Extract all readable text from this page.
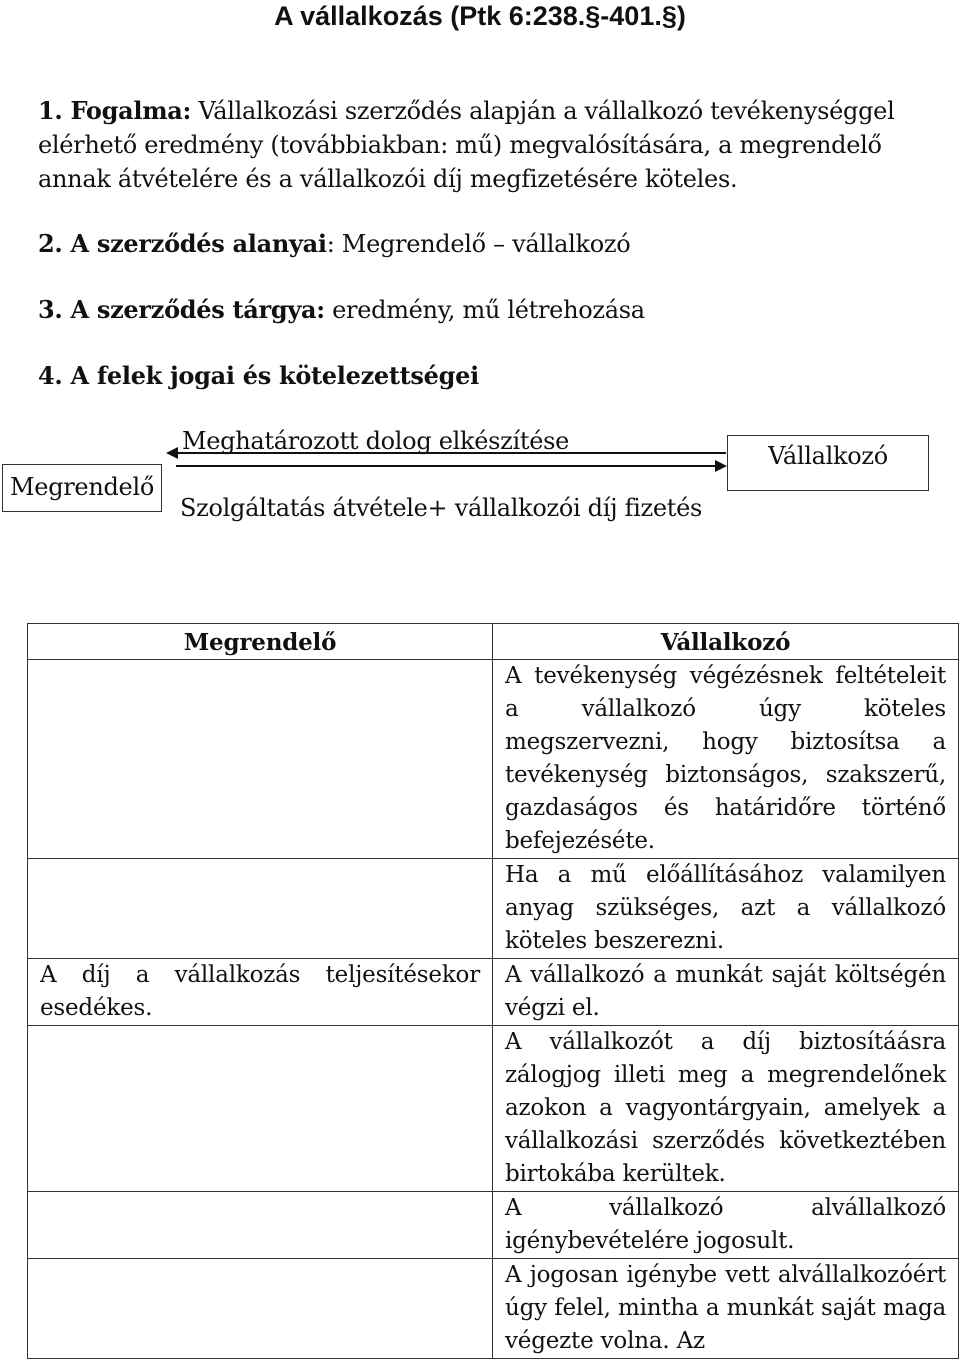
A vállalkozás (Ptk 6:238.§-401.§)
1. Fogalma: Vállalkozási szerződés alapján a vállalkozó tevékenységgel elérhető eredmény (továbbiakban: mű) megvalósítására, a megrendelő annak átvételére és a vállalkozói díj megfizetésére köteles.
2. A szerződés alanyai: Megrendelő – vállalkozó
3. A szerződés tárgya: eredmény, mű létrehozása
4. A felek jogai és kötelezettségei
Megrendelő
Vállalkozó
Meghatározott dolog elkészítése
Szolgáltatás átvétele+ vállalkozói díj fizetés
Megrendelő	Vállalkozó
	A tevékenység végézésnek feltételeit a vállalkozó úgy köteles megszervezni, hogy biztosítsa a tevékenység biztonságos, szakszerű, gazdaságos és határidőre történő befejezéséte.
	Ha a mű előállításához valamilyen anyag szükséges, azt a vállalkozó köteles beszerezni.
A díj a vállalkozás teljesítésekor esedékes.	A vállalkozó a munkát saját költségén végzi el.
	A vállalkozót a díj biztosítáásra zálogjog illeti meg a megrendelőnek azokon a vagyontárgyain, amelyek a vállalkozási szerződés következtében birtokába kerültek.
	A vállalkozó alvállalkozó igénybevételére jogosult.
	A jogosan igénybe vett alvállalkozóért úgy felel, mintha a munkát saját maga végezte volna. Az
